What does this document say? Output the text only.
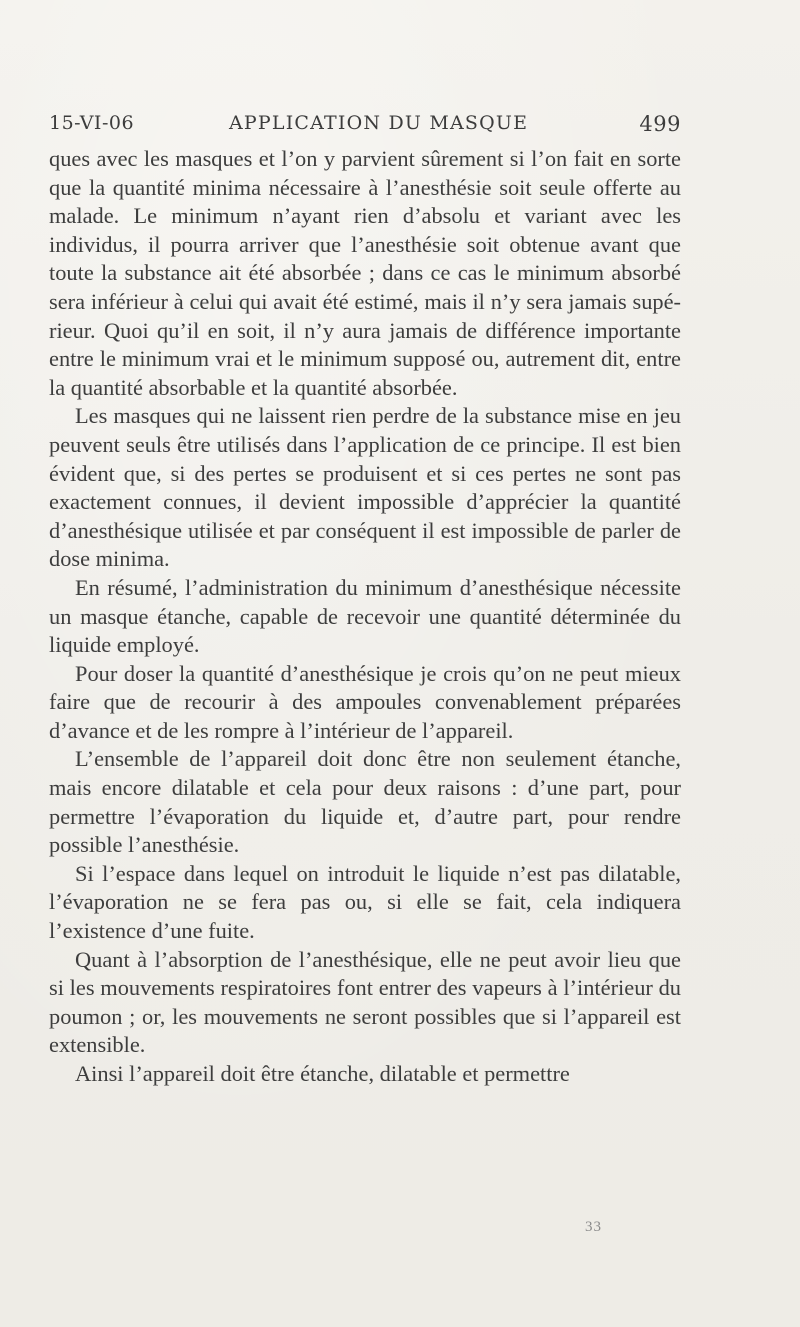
15-VI-06	APPLICATION DU MASQUE	499

ques avec les masques et l’on y parvient sûrement si l’on fait en sorte que la quantité minima nécessaire à l’anesthésie soit seule offerte au malade. Le minimum n’ayant rien d’absolu et variant avec les individus, il pourra arriver que l’anesthésie soit obtenue avant que toute la substance ait été absorbée ; dans ce cas le minimum absorbé sera inférieur à celui qui avait été estimé, mais il n’y sera jamais supérieur. Quoi qu’il en soit, il n’y aura jamais de différence importante entre le minimum vrai et le minimum supposé ou, autrement dit, entre la quantité absorbable et la quantité absorbée.

Les masques qui ne laissent rien perdre de la substance mise en jeu peuvent seuls être utilisés dans l’application de ce principe. Il est bien évident que, si des pertes se produisent et si ces pertes ne sont pas exactement connues, il devient impossible d’apprécier la quantité d’anesthésique utilisée et par conséquent il est impossible de parler de dose minima.

En résumé, l’administration du minimum d’anesthésique nécessite un masque étanche, capable de recevoir une quantité déterminée du liquide employé.

Pour doser la quantité d’anesthésique je crois qu’on ne peut mieux faire que de recourir à des ampoules convenablement préparées d’avance et de les rompre à l’intérieur de l’appareil.

L’ensemble de l’appareil doit donc être non seulement étanche, mais encore dilatable et cela pour deux raisons : d’une part, pour permettre l’évaporation du liquide et, d’autre part, pour rendre possible l’anesthésie.

Si l’espace dans lequel on introduit le liquide n’est pas dilatable, l’évaporation ne se fera pas ou, si elle se fait, cela indiquera l’existence d’une fuite.

Quant à l’absorption de l’anesthésique, elle ne peut avoir lieu que si les mouvements respiratoires font entrer des vapeurs à l’intérieur du poumon ; or, les mouvements ne seront possibles que si l’appareil est extensible.

Ainsi l’appareil doit être étanche, dilatable et permettre

33
